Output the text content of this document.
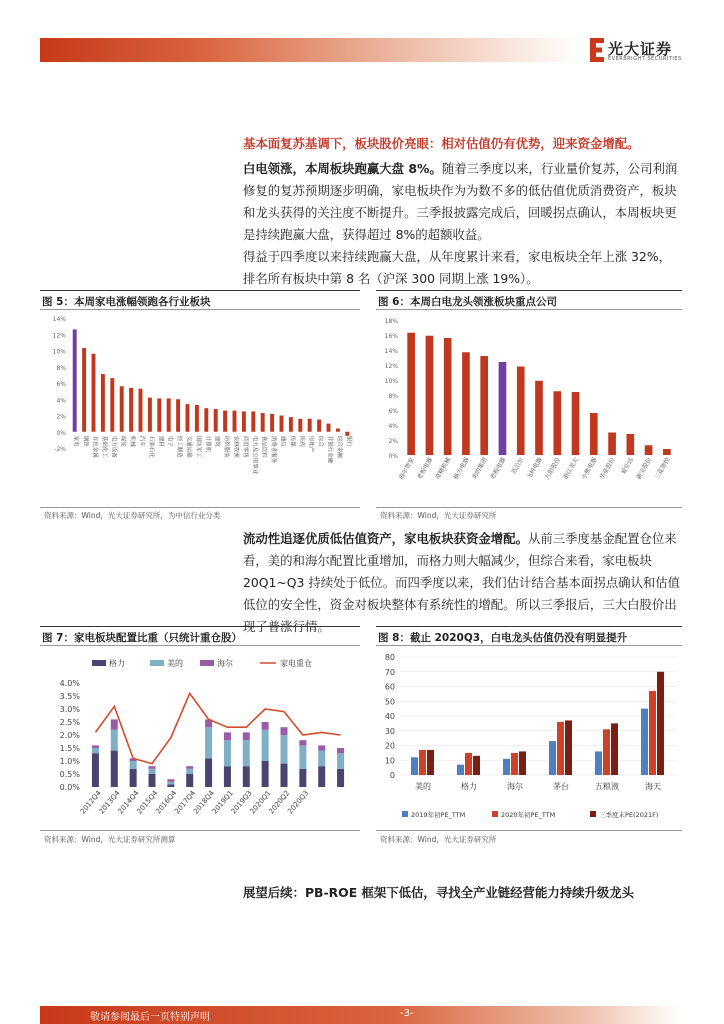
光大证券
EVERBRIGHT SECURITIES
基本面复苏基调下，板块股价亮眼：相对估值仍有优势，迎来资金增配。
白电领涨，本周板块跑赢大盘 8%。随着三季度以来，行业量价复苏，公司利润修复的复苏预期逐步明确，家电板块作为为数不多的低估值优质消费资产，板块和龙头获得的关注度不断提升。三季报披露完成后，回暖拐点确认，本周板块更是持续跑赢大盘，获得超过 8%的超额收益。
得益于四季度以来持续跑赢大盘，从年度累计来看，家电板块全年上涨 32%，排名所有板块中第 8 名（沪深 300 同期上涨 19%）。
图 5：本周家电涨幅领跑各行业板块
-2%
0%
2%
4%
6%
8%
10%
12%
14%
家电 钢铁 有色金属 基础化工 电力设备 煤炭 机械 汽车 石油石化 建材 电子 轻工制造 交通运输 国防军工 计算机 建筑 纺织服装 农林牧渔 商贸零售 电力及公用事业 食品饮料 消费者服务 通信 传媒 医药 房地产 综合 非银行金融 综合金融 银行
资料来源：Wind，光大证券研究所，为中信行业分类
图 6：本周白电龙头领涨板块重点公司
0%
2%
4%
6%
8%
10%
12%
14%
16%
18%
海尔智家 老板电器 奇精机械 格力电器 美的集团 老板电器 苏泊尔 飞科电器 九阳股份 浙江美大 小熊电器 华帝股份 爱仕达 新宝股份 三花智控
资料来源：Wind，光大证券研究所
流动性追逐优质低估值资产，家电板块获资金增配。从前三季度基金配置仓位来看，美的和海尔配置比重增加，而格力则大幅减少，但综合来看，家电板块 20Q1~Q3 持续处于低位。而四季度以来，我们估计结合基本面拐点确认和估值低位的安全性，资金对板块整体有系统性的增配。所以三季报后，三大白股价出现了普涨行情。
图 7：家电板块配置比重（只统计重仓股）
格力	美的	海尔	家电重仓
0.0%
0.5%
1.0%
1.5%
2.0%
2.5%
3.0%
3.5%
4.0%
2012Q4
2013Q4
2014Q4
2015Q4
2016Q4
2017Q4
2018Q4
2019Q1
2019Q3
2020Q1
2020Q2
2020Q3
资料来源：Wind，光大证券研究所测算
图 8：截止 2020Q3，白电龙头估值仍没有明显提升
0
10
20
30
40
50
60
70
80
美的	格力	海尔	茅台	五粮液	海天
2019年初PE_TTM	2020年初PE_TTM	三季度末PE(2021F)
资料来源：Wind，光大证券研究所
展望后续：PB-ROE 框架下低估，寻找全产业链经营能力持续升级龙头
敬请参阅最后一页特别声明	-3-
